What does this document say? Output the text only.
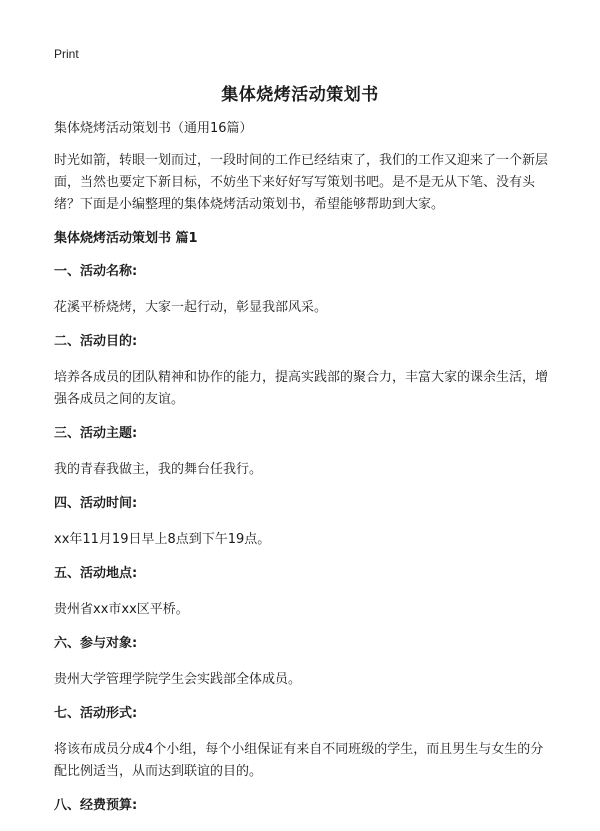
Print
集体烧烤活动策划书

集体烧烤活动策划书（通用16篇）

时光如箭，转眼一划而过，一段时间的工作已经结束了，我们的工作又迎来了一个新层面，当然也要定下新目标，不妨坐下来好好写写策划书吧。是不是无从下笔、没有头绪？下面是小编整理的集体烧烤活动策划书，希望能够帮助到大家。

集体烧烤活动策划书 篇1

一、活动名称:

花溪平桥烧烤，大家一起行动，彰显我部风采。

二、活动目的:

培养各成员的团队精神和协作的能力，提高实践部的聚合力，丰富大家的课余生活，增强各成员之间的友谊。

三、活动主题:

我的青春我做主，我的舞台任我行。

四、活动时间:

xx年11月19日早上8点到下午19点。

五、活动地点:

贵州省xx市xx区平桥。

六、参与对象:

贵州大学管理学院学生会实践部全体成员。

七、活动形式:

将该布成员分成4个小组，每个小组保证有来自不同班级的学生，而且男生与女生的分配比例适当，从而达到联谊的目的。

八、经费预算:
